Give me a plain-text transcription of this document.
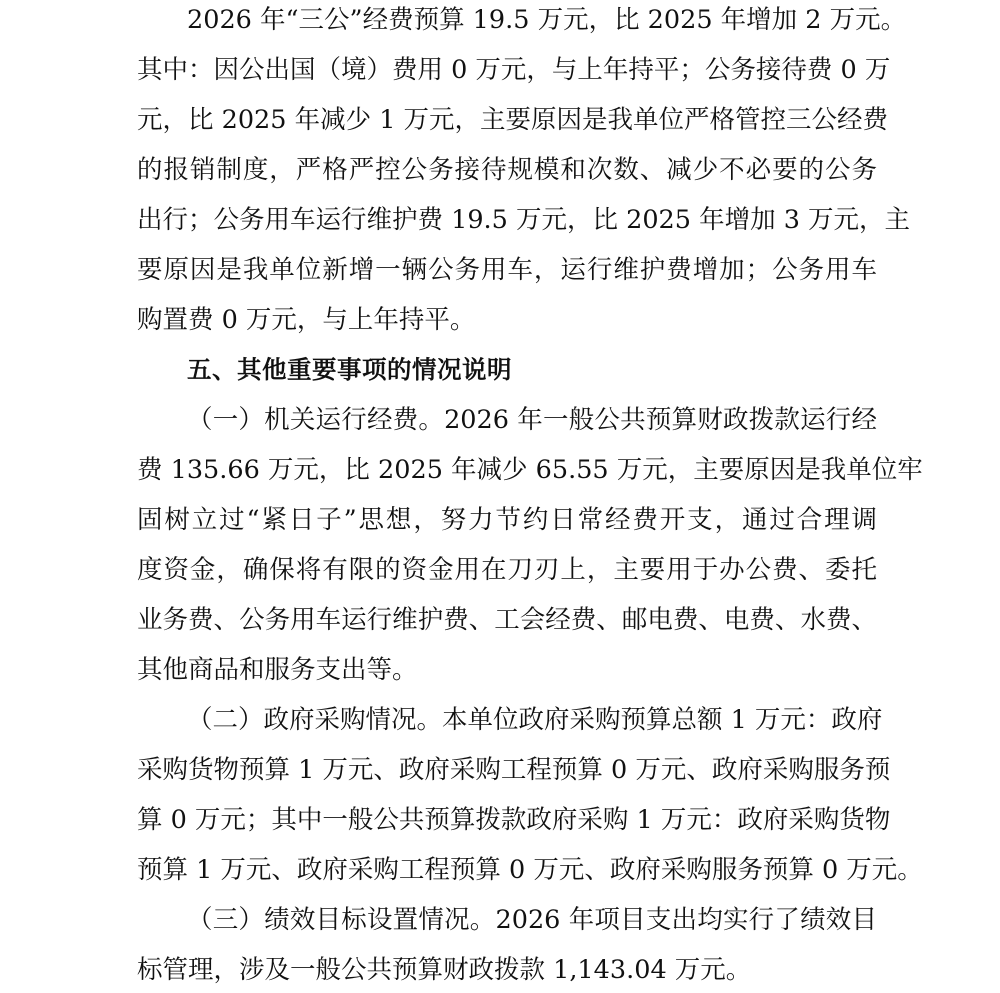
2026 年“三公”经费预算 19.5 万元，比 2025 年增加 2 万元。
其中：因公出国（境）费用 0 万元，与上年持平；公务接待费 0 万
元，比 2025 年减少 1 万元，主要原因是我单位严格管控三公经费
的报销制度，严格严控公务接待规模和次数、减少不必要的公务
出行；公务用车运行维护费 19.5 万元，比 2025 年增加 3 万元，主
要原因是我单位新增一辆公务用车，运行维护费增加；公务用车
购置费 0 万元，与上年持平。
五、其他重要事项的情况说明
（一）机关运行经费。2026 年一般公共预算财政拨款运行经
费 135.66 万元，比 2025 年减少 65.55 万元，主要原因是我单位牢
固树立过“紧日子”思想，努力节约日常经费开支，通过合理调
度资金，确保将有限的资金用在刀刃上，主要用于办公费、委托
业务费、公务用车运行维护费、工会经费、邮电费、电费、水费、
其他商品和服务支出等。
（二）政府采购情况。本单位政府采购预算总额 1 万元：政府
采购货物预算 1 万元、政府采购工程预算 0 万元、政府采购服务预
算 0 万元；其中一般公共预算拨款政府采购 1 万元：政府采购货物
预算 1 万元、政府采购工程预算 0 万元、政府采购服务预算 0 万元。
（三）绩效目标设置情况。2026 年项目支出均实行了绩效目
标管理，涉及一般公共预算财政拨款 1,143.04 万元。
